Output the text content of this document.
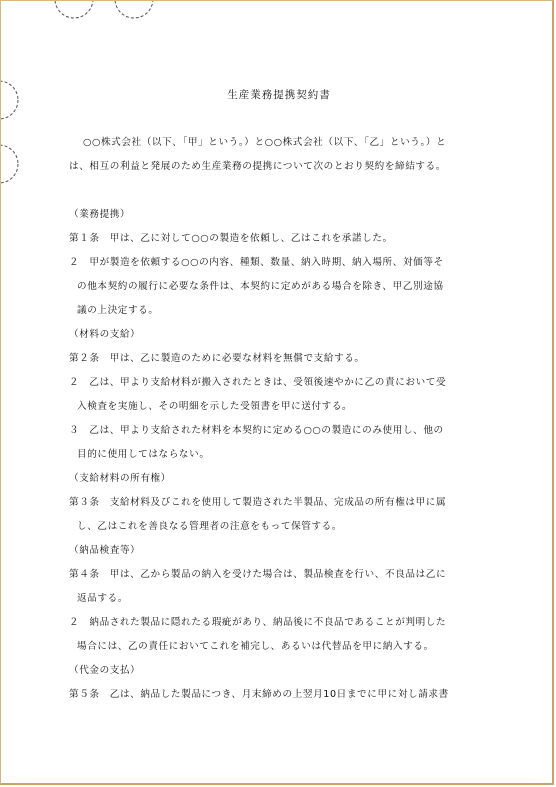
生産業務提携契約書

○○株式会社（以下、「甲」という。）と○○株式会社（以下、「乙」という。）と

は、相互の利益と発展のため生産業務の提携について次のとおり契約を締結する。

（業務提携）

第１条　甲は、乙に対して○○の製造を依頼し、乙はこれを承諾した。

２　甲が製造を依頼する○○の内容、種類、数量、納入時期、納入場所、対価等そ

の他本契約の履行に必要な条件は、本契約に定めがある場合を除き、甲乙別途協

議の上決定する。

（材料の支給）

第２条　甲は、乙に製造のために必要な材料を無償で支給する。

２　乙は、甲より支給材料が搬入されたときは、受領後速やかに乙の責において受

入検査を実施し、その明細を示した受領書を甲に送付する。

３　乙は、甲より支給された材料を本契約に定める○○の製造にのみ使用し、他の

目的に使用してはならない。

（支給材料の所有権）

第３条　支給材料及びこれを使用して製造された半製品、完成品の所有権は甲に属

し、乙はこれを善良なる管理者の注意をもって保管する。

（納品検査等）

第４条　甲は、乙から製品の納入を受けた場合は、製品検査を行い、不良品は乙に

返品する。

２　納品された製品に隠れたる瑕疵があり、納品後に不良品であることが判明した

場合には、乙の責任においてこれを補完し、あるいは代替品を甲に納入する。

（代金の支払）

第５条　乙は、納品した製品につき、月末締めの上翌月10日までに甲に対し請求書
